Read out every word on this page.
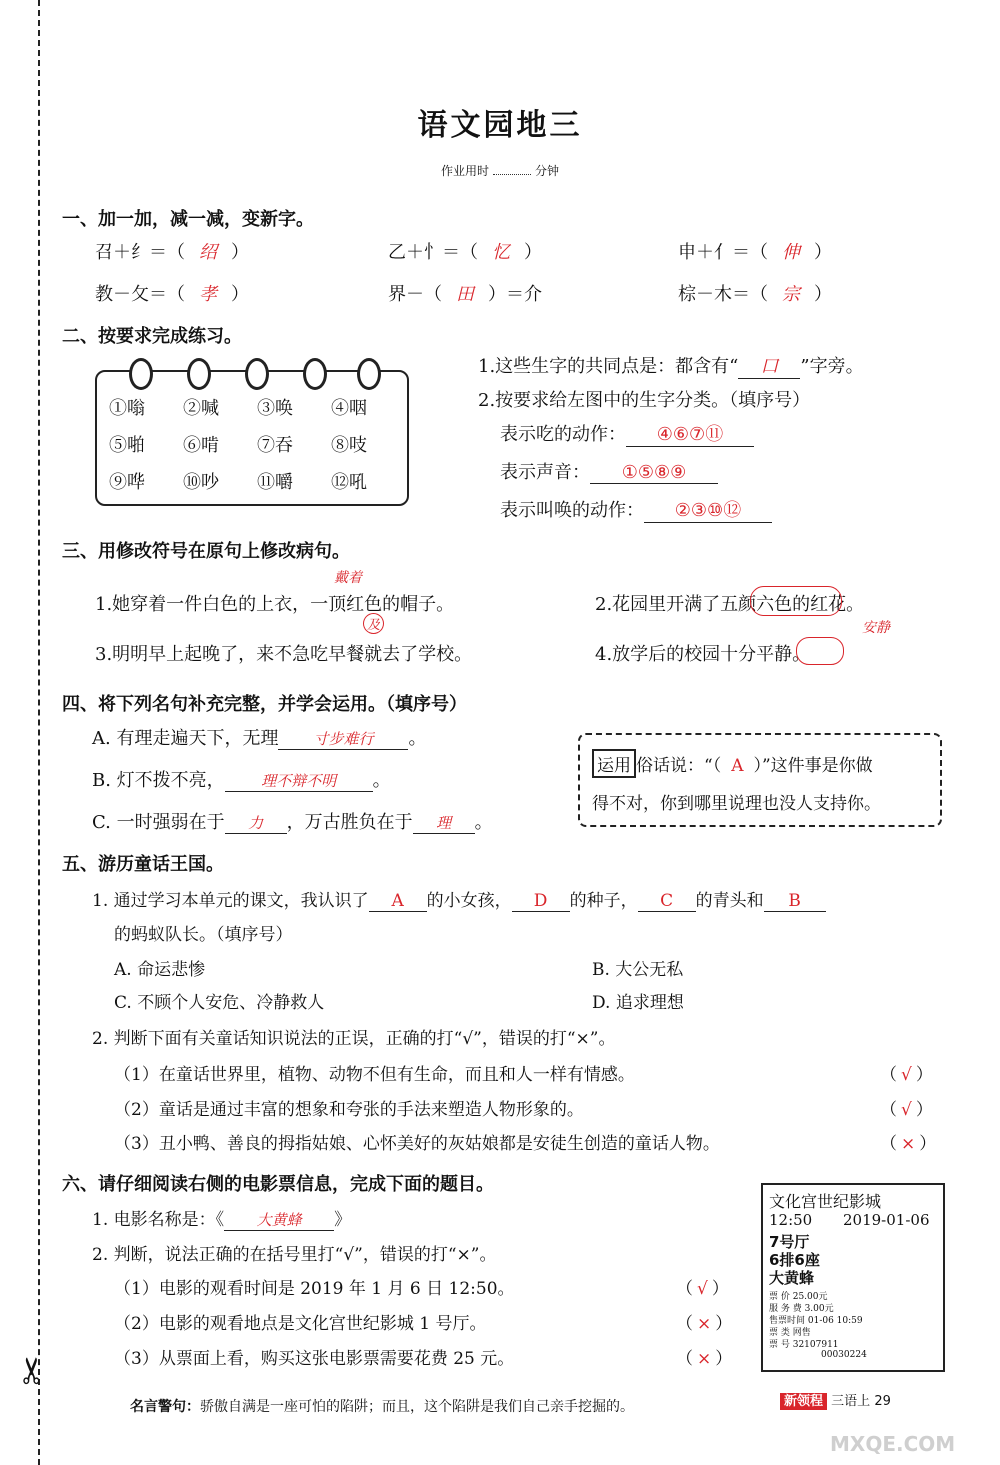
✂
语文园地三
作业用时	分钟
一、加一加，减一减，变新字。
召＋纟＝（ 绍 ）	乙＋忄＝（ 忆 ）	申＋亻＝（ 伸 ）
教－攵＝（ 孝 ）	界－（ 田 ）＝介	棕－木＝（ 宗 ）
二、按要求完成练习。
①嗡	②喊	③唤	④咽
⑤啪	⑥啃	⑦吞	⑧吱
⑨哗	⑩吵	⑪嚼	⑫吼
1.这些生字的共同点是：都含有“ 口 ”字旁。
2.按要求给左图中的生字分类。（填序号）
表示吃的动作： ④⑥⑦⑪
表示声音： ①⑤⑧⑨
表示叫唤的动作： ②③⑩⑫
三、用修改符号在原句上修改病句。
戴着
1.她穿着一件白色的上衣，一顶红色的帽子。	2.花园里开满了五颜六色的红花。
及
3.明明早上起晚了，来不急吃早餐就去了学校。
安静
4.放学后的校园十分平静。
四、将下列名句补充完整，并学会运用。（填序号）
A. 有理走遍天下，无理 寸步难行 。
B. 灯不拨不亮， 理不辩不明 。
C. 一时强弱在于 力 ，万古胜负在于 理 。
运用 俗话说：“（ A ）”这件事是你做
得不对，你到哪里说理也没人支持你。
五、游历童话王国。
1. 通过学习本单元的课文，我认识了 A 的小女孩， D 的种子， C 的青头和 B
的蚂蚁队长。（填序号）
A. 命运悲惨	B. 大公无私
C. 不顾个人安危、冷静救人	D. 追求理想
2. 判断下面有关童话知识说法的正误，正确的打“√”，错误的打“×”。
（1）在童话世界里，植物、动物不但有生命，而且和人一样有情感。	（ √ ）
（2）童话是通过丰富的想象和夸张的手法来塑造人物形象的。	（ √ ）
（3）丑小鸭、善良的拇指姑娘、心怀美好的灰姑娘都是安徒生创造的童话人物。	（ × ）
六、请仔细阅读右侧的电影票信息，完成下面的题目。
1. 电影名称是：《 大黄蜂 》
2. 判断，说法正确的在括号里打“√”，错误的打“×”。
（1）电影的观看时间是 2019 年 1 月 6 日 12:50。	（ √ ）
（2）电影的观看地点是文化宫世纪影城 1 号厅。	（ × ）
（3）从票面上看，购买这张电影票需要花费 25 元。	（ × ）
文化宫世纪影城
12:50 2019-01-06
7号厅
6排6座
大黄蜂
票 价 25.00元
服 务 费 3.00元
售票时间 01-06 10:59
票 类 网售
票 号 32107911
00030224
名言警句：骄傲自满是一座可怕的陷阱；而且，这个陷阱是我们自己亲手挖掘的。	新领程 三语上 29
MXQE.COM
